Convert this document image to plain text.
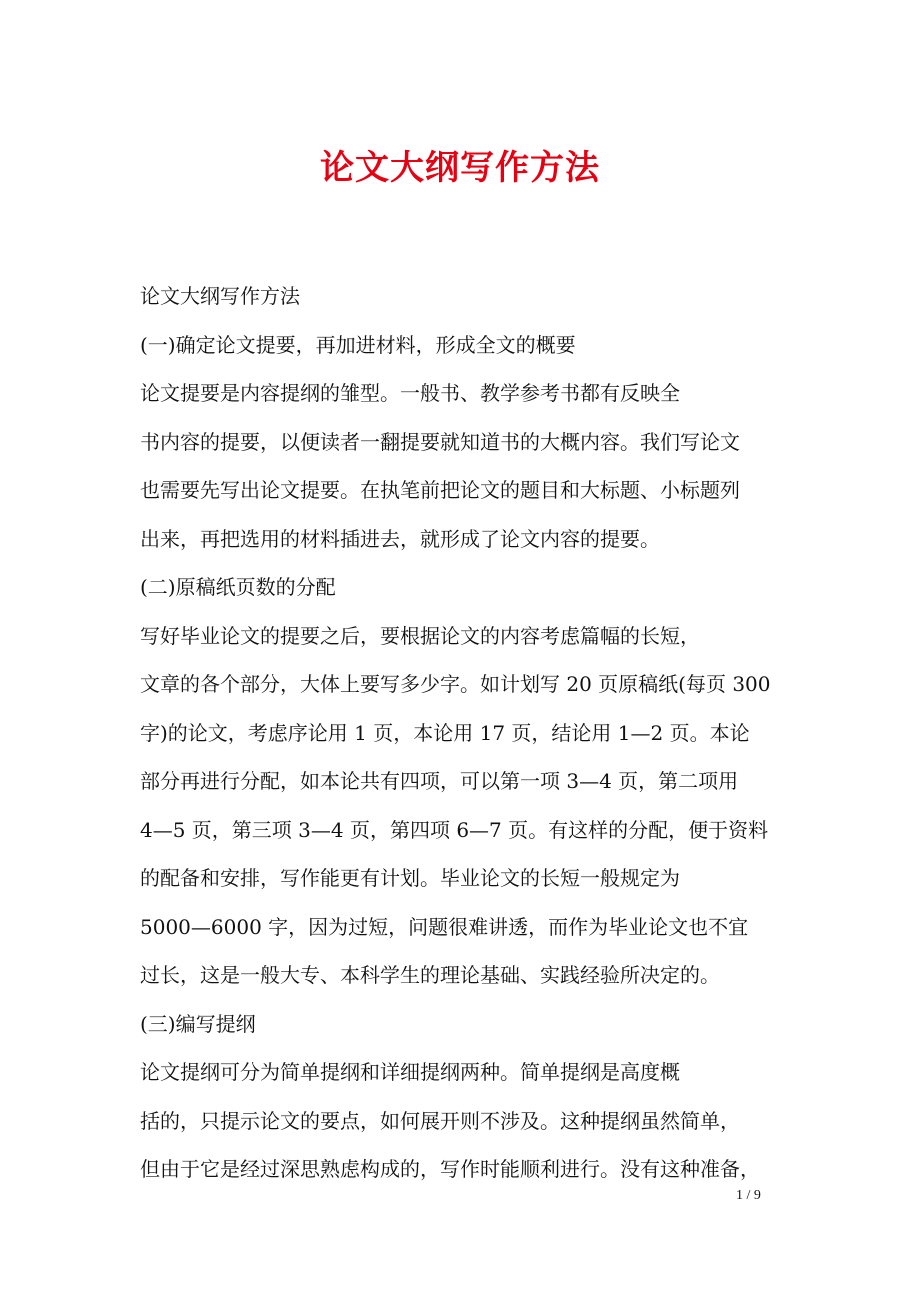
论文大纲写作方法

论文大纲写作方法

(一)确定论文提要，再加进材料，形成全文的概要

论文提要是内容提纲的雏型。一般书、教学参考书都有反映全

书内容的提要，以便读者一翻提要就知道书的大概内容。我们写论文

也需要先写出论文提要。在执笔前把论文的题目和大标题、小标题列

出来，再把选用的材料插进去，就形成了论文内容的提要。

(二)原稿纸页数的分配

写好毕业论文的提要之后，要根据论文的内容考虑篇幅的长短，

文章的各个部分，大体上要写多少字。如计划写 20 页原稿纸(每页 300

字)的论文，考虑序论用 1 页，本论用 17 页，结论用 1—2 页。本论

部分再进行分配，如本论共有四项，可以第一项 3—4 页，第二项用

4—5 页，第三项 3—4 页，第四项 6—7 页。有这样的分配，便于资料

的配备和安排，写作能更有计划。毕业论文的长短一般规定为

5000—6000 字，因为过短，问题很难讲透，而作为毕业论文也不宜

过长，这是一般大专、本科学生的理论基础、实践经验所决定的。

(三)编写提纲

论文提纲可分为简单提纲和详细提纲两种。简单提纲是高度概

括的，只提示论文的要点，如何展开则不涉及。这种提纲虽然简单，

但由于它是经过深思熟虑构成的，写作时能顺利进行。没有这种准备，

1 / 9
